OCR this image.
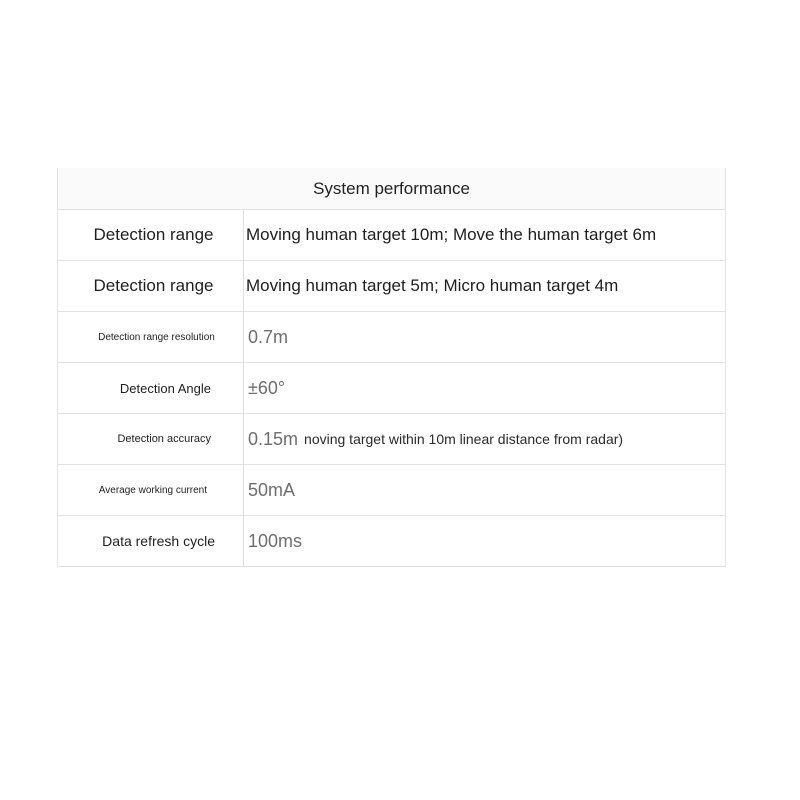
System performance
Detection range	Moving human target 10m; Move the human target 6m
Detection range	Moving human target 5m; Micro human target 4m
Detection range resolution	0.7m
Detection Angle	±60°
Detection accuracy	0.15m noving target within 10m linear distance from radar)
Average working current	50mA
Data refresh cycle	100ms
